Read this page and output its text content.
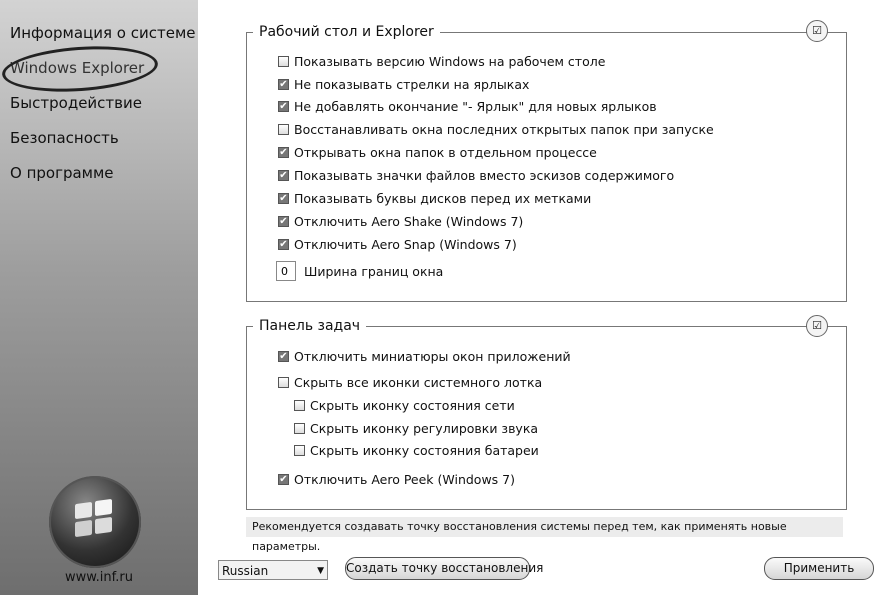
Информация о системе
Windows Explorer
Быстродействие
Безопасность
О программе
www.inf.ru
Рабочий стол и Explorer	☑
Показывать версию Windows на рабочем столе
✔ Не показывать стрелки на ярлыках
✔ Не добавлять окончание "- Ярлык" для новых ярлыков
Восстанавливать окна последних открытых папок при запуске
✔ Открывать окна папок в отдельном процессе
✔ Показывать значки файлов вместо эскизов содержимого
✔ Показывать буквы дисков перед их метками
✔ Отключить Aero Shake (Windows 7)
✔ Отключить Aero Snap (Windows 7)
0
Ширина границ окна
Панель задач	☑
✔ Отключить миниатюры окон приложений
Скрыть все иконки системного лотка
Скрыть иконку состояния сети
Скрыть иконку регулировки звука
Скрыть иконку состояния батареи
✔ Отключить Aero Peek (Windows 7)
Рекомендуется создавать точку восстановления системы перед тем, как применять новые параметры.
Russian	▼ Создать точку восстановления	Применить
